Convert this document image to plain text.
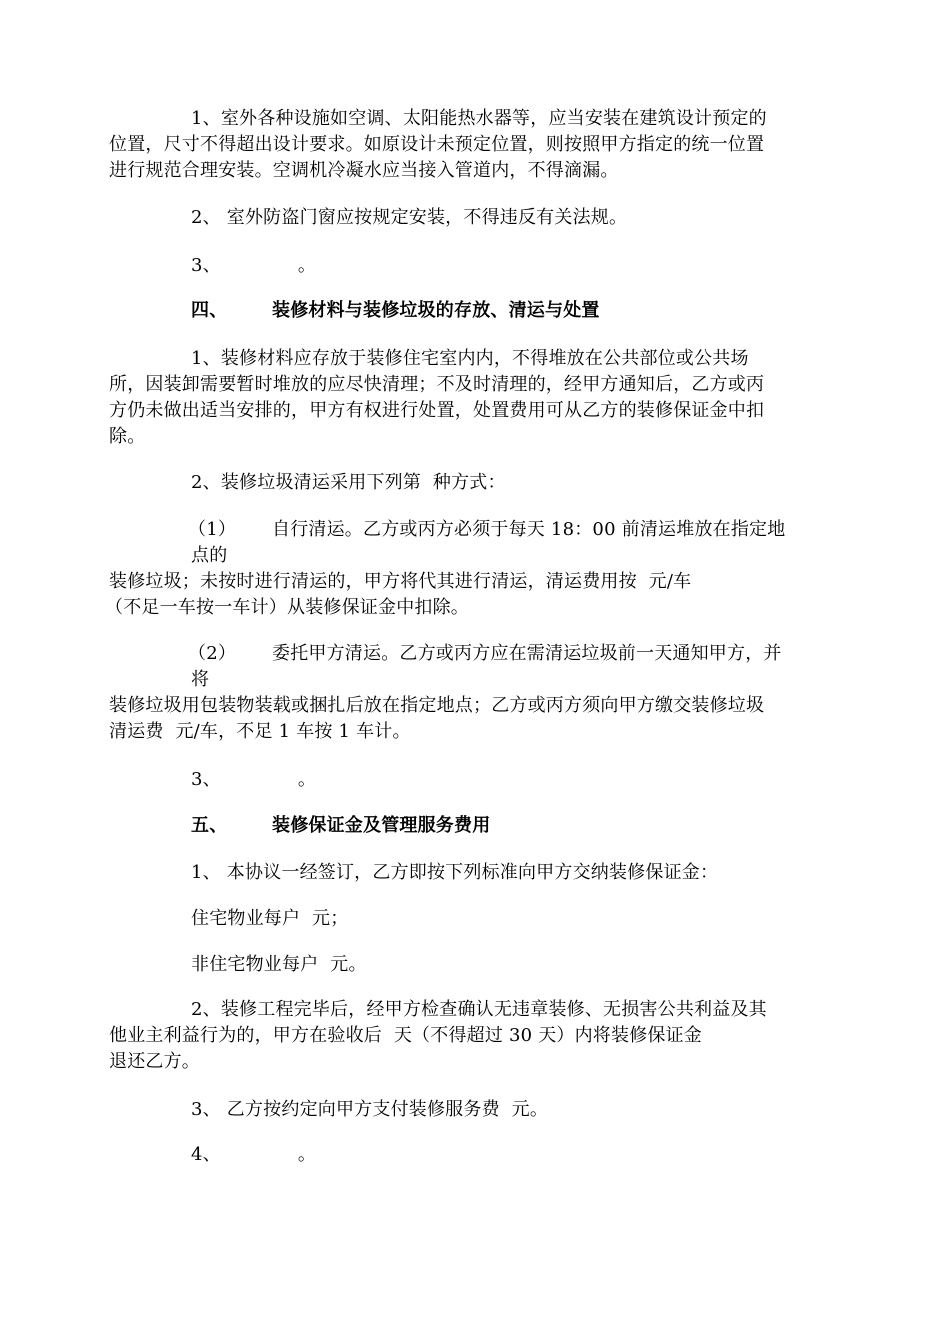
1、室外各种设施如空调、太阳能热水器等，应当安装在建筑设计预定的
位置，尺寸不得超出设计要求。如原设计未预定位置，则按照甲方指定的统一位置
进行规范合理安装。空调机冷凝水应当接入管道内，不得滴漏。
2、 室外防盗门窗应按规定安装，不得违反有关法规。
3、             。
四、 装修材料与装修垃圾的存放、清运与处置
1、装修材料应存放于装修住宅室内内，不得堆放在公共部位或公共场
所，因装卸需要暂时堆放的应尽快清理；不及时清理的，经甲方通知后，乙方或丙
方仍未做出适当安排的，甲方有权进行处置，处置费用可从乙方的装修保证金中扣
除。
2、装修垃圾清运采用下列第  种方式：
（1） 自行清运。乙方或丙方必须于每天 18：00 前清运堆放在指定地
点的
装修垃圾；未按时进行清运的，甲方将代其进行清运，清运费用按  元/车
（不足一车按一车计）从装修保证金中扣除。
（2） 委托甲方清运。乙方或丙方应在需清运垃圾前一天通知甲方，并
将
装修垃圾用包装物装载或捆扎后放在指定地点；乙方或丙方须向甲方缴交装修垃圾
清运费  元/车，不足 1 车按 1 车计。
3、             。
五、 装修保证金及管理服务费用
1、 本协议一经签订，乙方即按下列标准向甲方交纳装修保证金：
住宅物业每户  元；
非住宅物业每户  元。
2、装修工程完毕后，经甲方检查确认无违章装修、无损害公共利益及其
他业主利益行为的，甲方在验收后  天（不得超过 30 天）内将装修保证金
退还乙方。
3、 乙方按约定向甲方支付装修服务费  元。
4、             。
